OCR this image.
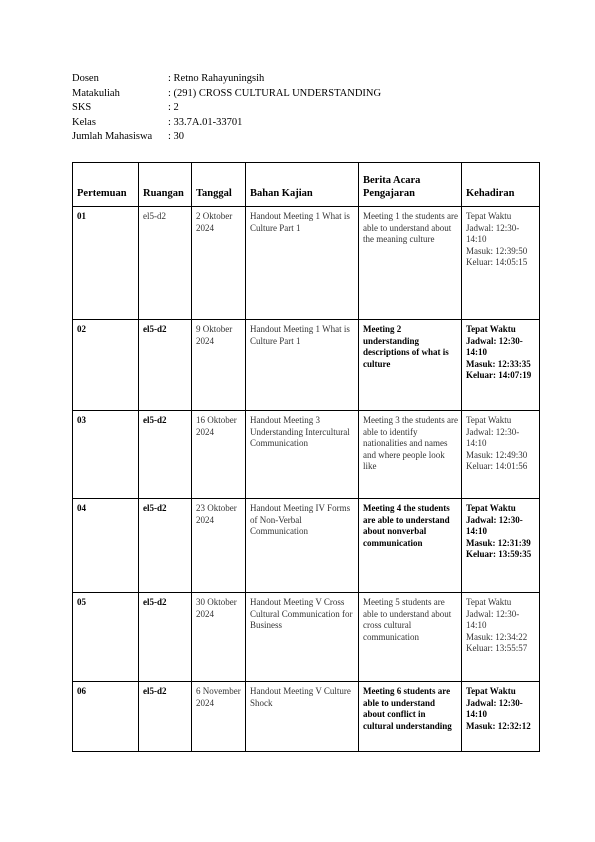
Dosen	: Retno Rahayuningsih
Matakuliah	: (291) CROSS CULTURAL UNDERSTANDING
SKS	: 2
Kelas	: 33.7A.01-33701
Jumlah Mahasiswa	: 30
Pertemuan	Ruangan	Tanggal	Bahan Kajian	Berita Acara Pengajaran	Kehadiran
01	el5-d2	2 Oktober 2024	Handout Meeting 1 What is Culture Part 1	Meeting 1 the students are able to understand about the meaning culture	Tepat Waktu
Jadwal: 12:30-14:10
Masuk: 12:39:50
Keluar: 14:05:15

02	el5-d2	9 Oktober 2024	Handout Meeting 1 What is Culture Part 1	Meeting 2 understanding descriptions of what is culture	Tepat Waktu
Jadwal: 12:30-14:10
Masuk: 12:33:35
Keluar: 14:07:19

03	el5-d2	16 Oktober 2024	Handout Meeting 3 Understanding Intercultural Communication	Meeting 3 the students are able to identify nationalities and names and where people look like	Tepat Waktu
Jadwal: 12:30-14:10
Masuk: 12:49:30
Keluar: 14:01:56

04	el5-d2	23 Oktober 2024	Handout Meeting IV Forms of Non-Verbal Communication	Meeting 4 the students are able to understand about nonverbal communication	Tepat Waktu
Jadwal: 12:30-14:10
Masuk: 12:31:39
Keluar: 13:59:35

05	el5-d2	30 Oktober 2024	Handout Meeting V Cross Cultural Communication for Business	Meeting 5 students are able to understand about cross cultural communication	Tepat Waktu
Jadwal: 12:30-14:10
Masuk: 12:34:22
Keluar: 13:55:57

06	el5-d2	6 November 2024	Handout Meeting V Culture Shock	Meeting 6 students are able to understand about conflict in cultural understanding	Tepat Waktu
Jadwal: 12:30-14:10
Masuk: 12:32:12
